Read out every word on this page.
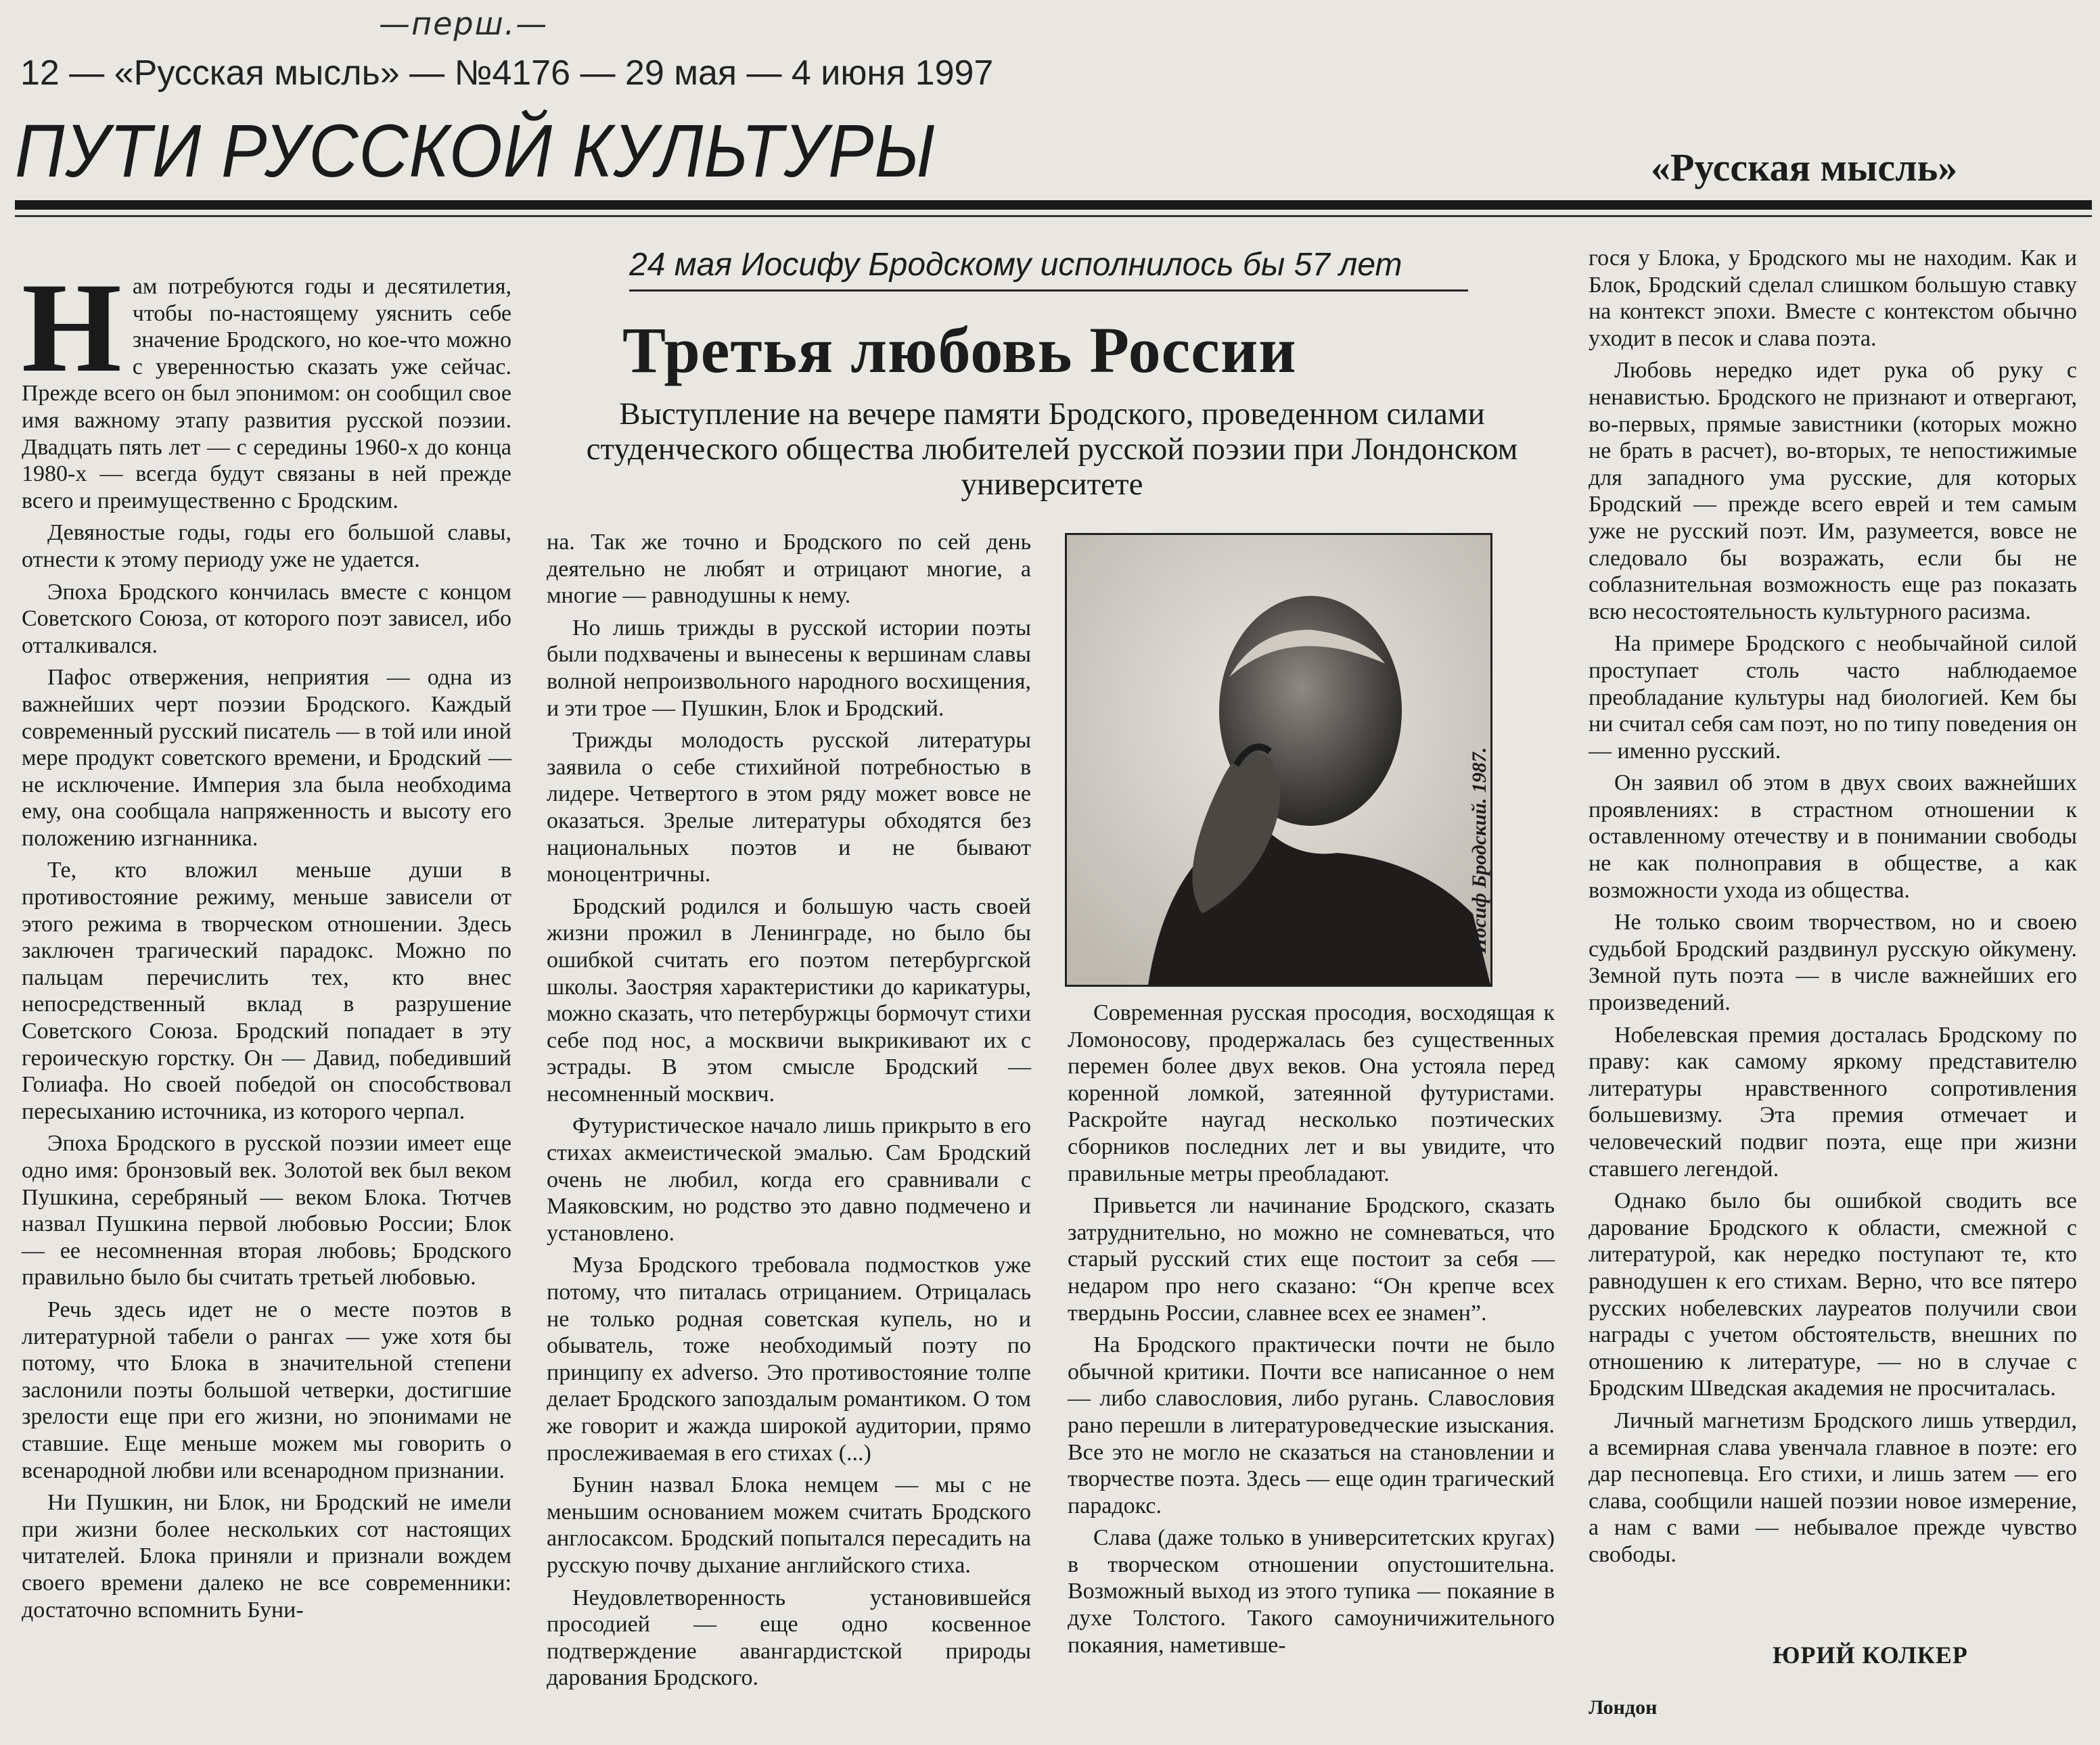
—перш.—
12 — «Русская мысль» — №4176 — 29 мая — 4 июня 1997
ПУТИ РУССКОЙ КУЛЬТУРЫ	«Русская мысль»
24 мая Иосифу Бродскому исполнилось бы 57 лет
Третья любовь России
Выступление на вечере памяти Бродского, проведенном силами студенческого общества любителей русской поэзии при Лондонском университете
Н ам потребуются годы и десятилетия, чтобы по-настоящему уяснить себе значение Бродского, но кое-что можно с уверенностью сказать уже сейчас. Прежде всего он был эпонимом: он сообщил свое имя важному этапу развития русской поэзии. Двадцать пять лет — с середины 1960-х до конца 1980-х — всегда будут связаны в ней прежде всего и преимущественно с Бродским.

Девяностые годы, годы его большой славы, отнести к этому периоду уже не удается.

Эпоха Бродского кончилась вместе с концом Советского Союза, от которого поэт зависел, ибо отталкивался.

Пафос отвержения, неприятия — одна из важнейших черт поэзии Бродского. Каждый современный русский писатель — в той или иной мере продукт советского времени, и Бродский — не исключение. Империя зла была необходима ему, она сообщала напряженность и высоту его положению изгнанника.

Те, кто вложил меньше души в противостояние режиму, меньше зависели от этого режима в творческом отношении. Здесь заключен трагический парадокс. Можно по пальцам перечислить тех, кто внес непосредственный вклад в разрушение Советского Союза. Бродский попадает в эту героическую горстку. Он — Давид, победивший Голиафа. Но своей победой он способствовал пересыханию источника, из которого черпал.

Эпоха Бродского в русской поэзии имеет еще одно имя: бронзовый век. Золотой век был веком Пушкина, серебряный — веком Блока. Тютчев назвал Пушкина первой любовью России; Блок — ее несомненная вторая любовь; Бродского правильно было бы считать третьей любовью.

Речь здесь идет не о месте поэтов в литературной табели о рангах — уже хотя бы потому, что Блока в значительной степени заслонили поэты большой четверки, достигшие зрелости еще при его жизни, но эпонимами не ставшие. Еще меньше можем мы говорить о всенародной любви или всенародном признании.

Ни Пушкин, ни Блок, ни Бродский не имели при жизни более нескольких сот настоящих читателей. Блока приняли и признали вождем своего времени далеко не все современники: достаточно вспомнить Буни-

на. Так же точно и Бродского по сей день деятельно не любят и отрицают многие, а многие — равнодушны к нему.

Но лишь трижды в русской истории поэты были подхвачены и вынесены к вершинам славы волной непроизвольного народного восхищения, и эти трое — Пушкин, Блок и Бродский.

Трижды молодость русской литературы заявила о себе стихийной потребностью в лидере. Четвертого в этом ряду может вовсе не оказаться. Зрелые литературы обходятся без национальных поэтов и не бывают моноцентричны.

Бродский родился и большую часть своей жизни прожил в Ленинграде, но было бы ошибкой считать его поэтом петербургской школы. Заостряя характеристики до карикатуры, можно сказать, что петербуржцы бормочут стихи себе под нос, а москвичи выкрикивают их с эстрады. В этом смысле Бродский — несомненный москвич.

Футуристическое начало лишь прикрыто в его стихах акмеистической эмалью. Сам Бродский очень не любил, когда его сравнивали с Маяковским, но родство это давно подмечено и установлено.

Муза Бродского требовала подмостков уже потому, что питалась отрицанием. Отрицалась не только родная советская купель, но и обыватель, тоже необходимый поэту по принципу ex adverso. Это противостояние толпе делает Бродского запоздалым романтиком. О том же говорит и жажда широкой аудитории, прямо прослеживаемая в его стихах (...)

Бунин назвал Блока немцем — мы с не меньшим основанием можем считать Бродского англосаксом. Бродский попытался пересадить на русскую почву дыхание английского стиха.

Неудовлетворенность установившейся просодией — еще одно косвенное подтверждение авангардистской природы дарования Бродского.

Иосиф Бродский. 1987.

Современная русская просодия, восходящая к Ломоносову, продержалась без существенных перемен более двух веков. Она устояла перед коренной ломкой, затеянной футуристами. Раскройте наугад несколько поэтических сборников последних лет и вы увидите, что правильные метры преобладают.

Привьется ли начинание Бродского, сказать затруднительно, но можно не сомневаться, что старый русский стих еще постоит за себя — недаром про него сказано: “Он крепче всех твердынь России, славнее всех ее знамен”.

На Бродского практически почти не было обычной критики. Почти все написанное о нем — либо славословия, либо ругань. Славословия рано перешли в литературоведческие изыскания. Все это не могло не сказаться на становлении и творчестве поэта. Здесь — еще один трагический парадокс.

Слава (даже только в университетских кругах) в творческом отношении опустошительна. Возможный выход из этого тупика — покаяние в духе Толстого. Такого самоуничижительного покаяния, наметивше-

гося у Блока, у Бродского мы не находим. Как и Блок, Бродский сделал слишком большую ставку на контекст эпохи. Вместе с контекстом обычно уходит в песок и слава поэта.

Любовь нередко идет рука об руку с ненавистью. Бродского не признают и отвергают, во-первых, прямые завистники (которых можно не брать в расчет), во-вторых, те непостижимые для западного ума русские, для которых Бродский — прежде всего еврей и тем самым уже не русский поэт. Им, разумеется, вовсе не следовало бы возражать, если бы не соблазнительная возможность еще раз показать всю несостоятельность культурного расизма.

На примере Бродского с необычайной силой проступает столь часто наблюдаемое преобладание культуры над биологией. Кем бы ни считал себя сам поэт, но по типу поведения он — именно русский.

Он заявил об этом в двух своих важнейших проявлениях: в страстном отношении к оставленному отечеству и в понимании свободы не как полноправия в обществе, а как возможности ухода из общества.

Не только своим творчеством, но и своею судьбой Бродский раздвинул русскую ойкумену. Земной путь поэта — в числе важнейших его произведений.

Нобелевская премия досталась Бродскому по праву: как самому яркому представителю литературы нравственного сопротивления большевизму. Эта премия отмечает и человеческий подвиг поэта, еще при жизни ставшего легендой.

Однако было бы ошибкой сводить все дарование Бродского к области, смежной с литературой, как нередко поступают те, кто равнодушен к его стихам. Верно, что все пятеро русских нобелевских лауреатов получили свои награды с учетом обстоятельств, внешних по отношению к литературе, — но в случае с Бродским Шведская академия не просчиталась.

Личный магнетизм Бродского лишь утвердил, а всемирная слава увенчала главное в поэте: его дар песнопевца. Его стихи, и лишь затем — его слава, сообщили нашей поэзии новое измерение, а нам с вами — небывалое прежде чувство свободы.

ЮРИЙ КОЛКЕР
Лондон
